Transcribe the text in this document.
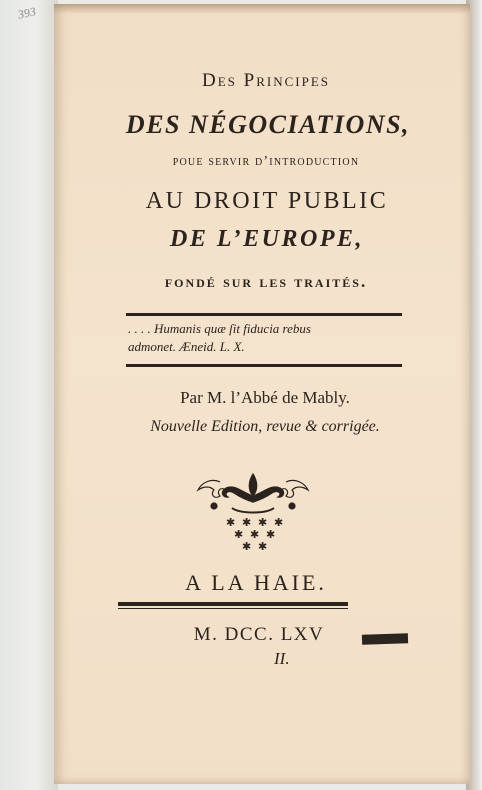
393
Des Principes
DES NÉGOCIATIONS,
poue servir d’introduction
AU DROIT PUBLIC
DE L’EUROPE,
fondé sur les traités.
. . . . Humanis quæ ſit fiducia rebus
admonet. Æneid. L. X.
Par M. l’Abbé de Mably.
Nouvelle Edition, revue & corrigée.
✱ ✱ ✱ ✱
✱ ✱ ✱
✱ ✱
A LA HAIE.
M. DCC. LXV
II.
